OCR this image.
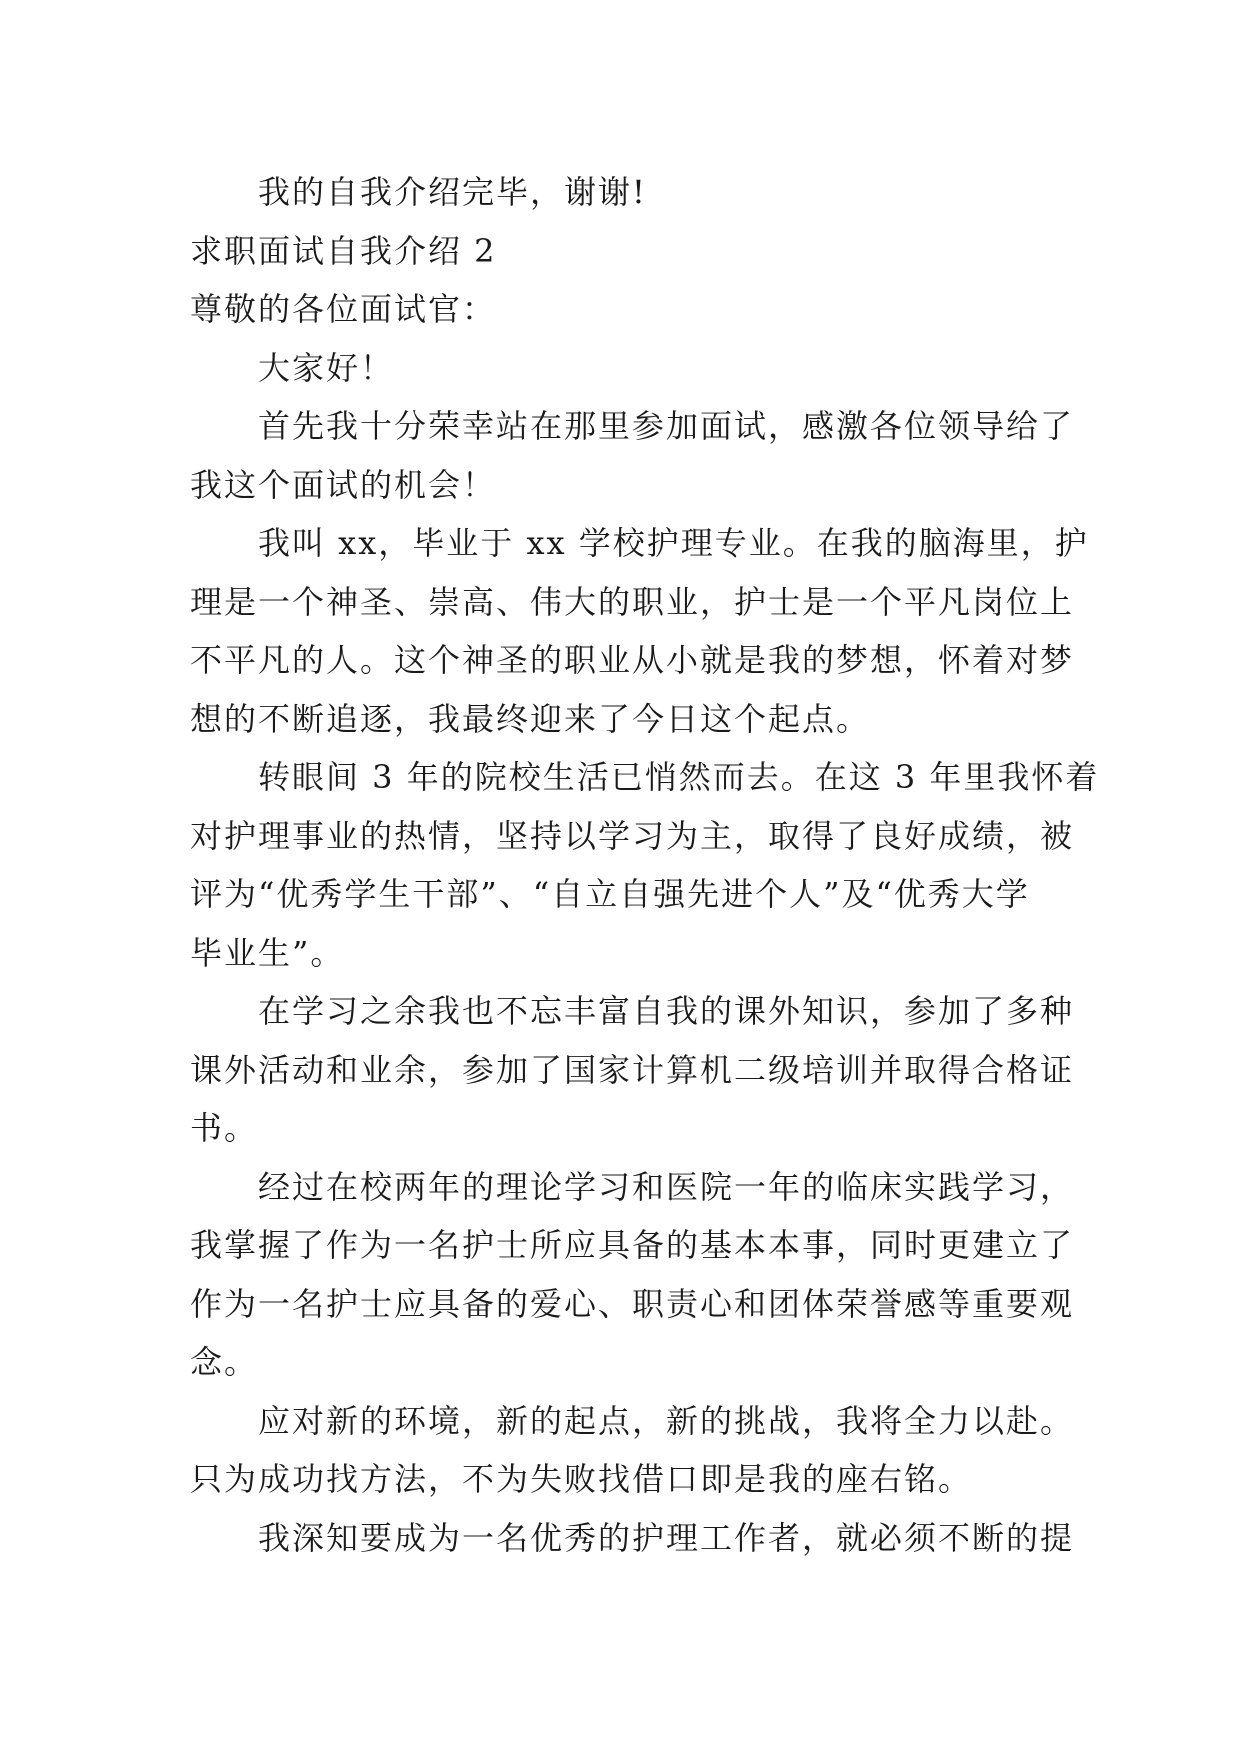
我的自我介绍完毕，谢谢!
求职面试自我介绍 2
尊敬的各位面试官：
大家好！
首先我十分荣幸站在那里参加面试，感激各位领导给了
我这个面试的机会！
我叫 xx，毕业于 xx 学校护理专业。在我的脑海里，护
理是一个神圣、崇高、伟大的职业，护士是一个平凡岗位上
不平凡的人。这个神圣的职业从小就是我的梦想，怀着对梦
想的不断追逐，我最终迎来了今日这个起点。
转眼间 3 年的院校生活已悄然而去。在这 3 年里我怀着
对护理事业的热情，坚持以学习为主，取得了良好成绩，被
评为“优秀学生干部”、“自立自强先进个人”及“优秀大学
毕业生”。
在学习之余我也不忘丰富自我的课外知识，参加了多种
课外活动和业余，参加了国家计算机二级培训并取得合格证
书。
经过在校两年的理论学习和医院一年的临床实践学习，
我掌握了作为一名护士所应具备的基本本事，同时更建立了
作为一名护士应具备的爱心、职责心和团体荣誉感等重要观
念。
应对新的环境，新的起点，新的挑战，我将全力以赴。
只为成功找方法，不为失败找借口即是我的座右铭。
我深知要成为一名优秀的护理工作者，就必须不断的提
